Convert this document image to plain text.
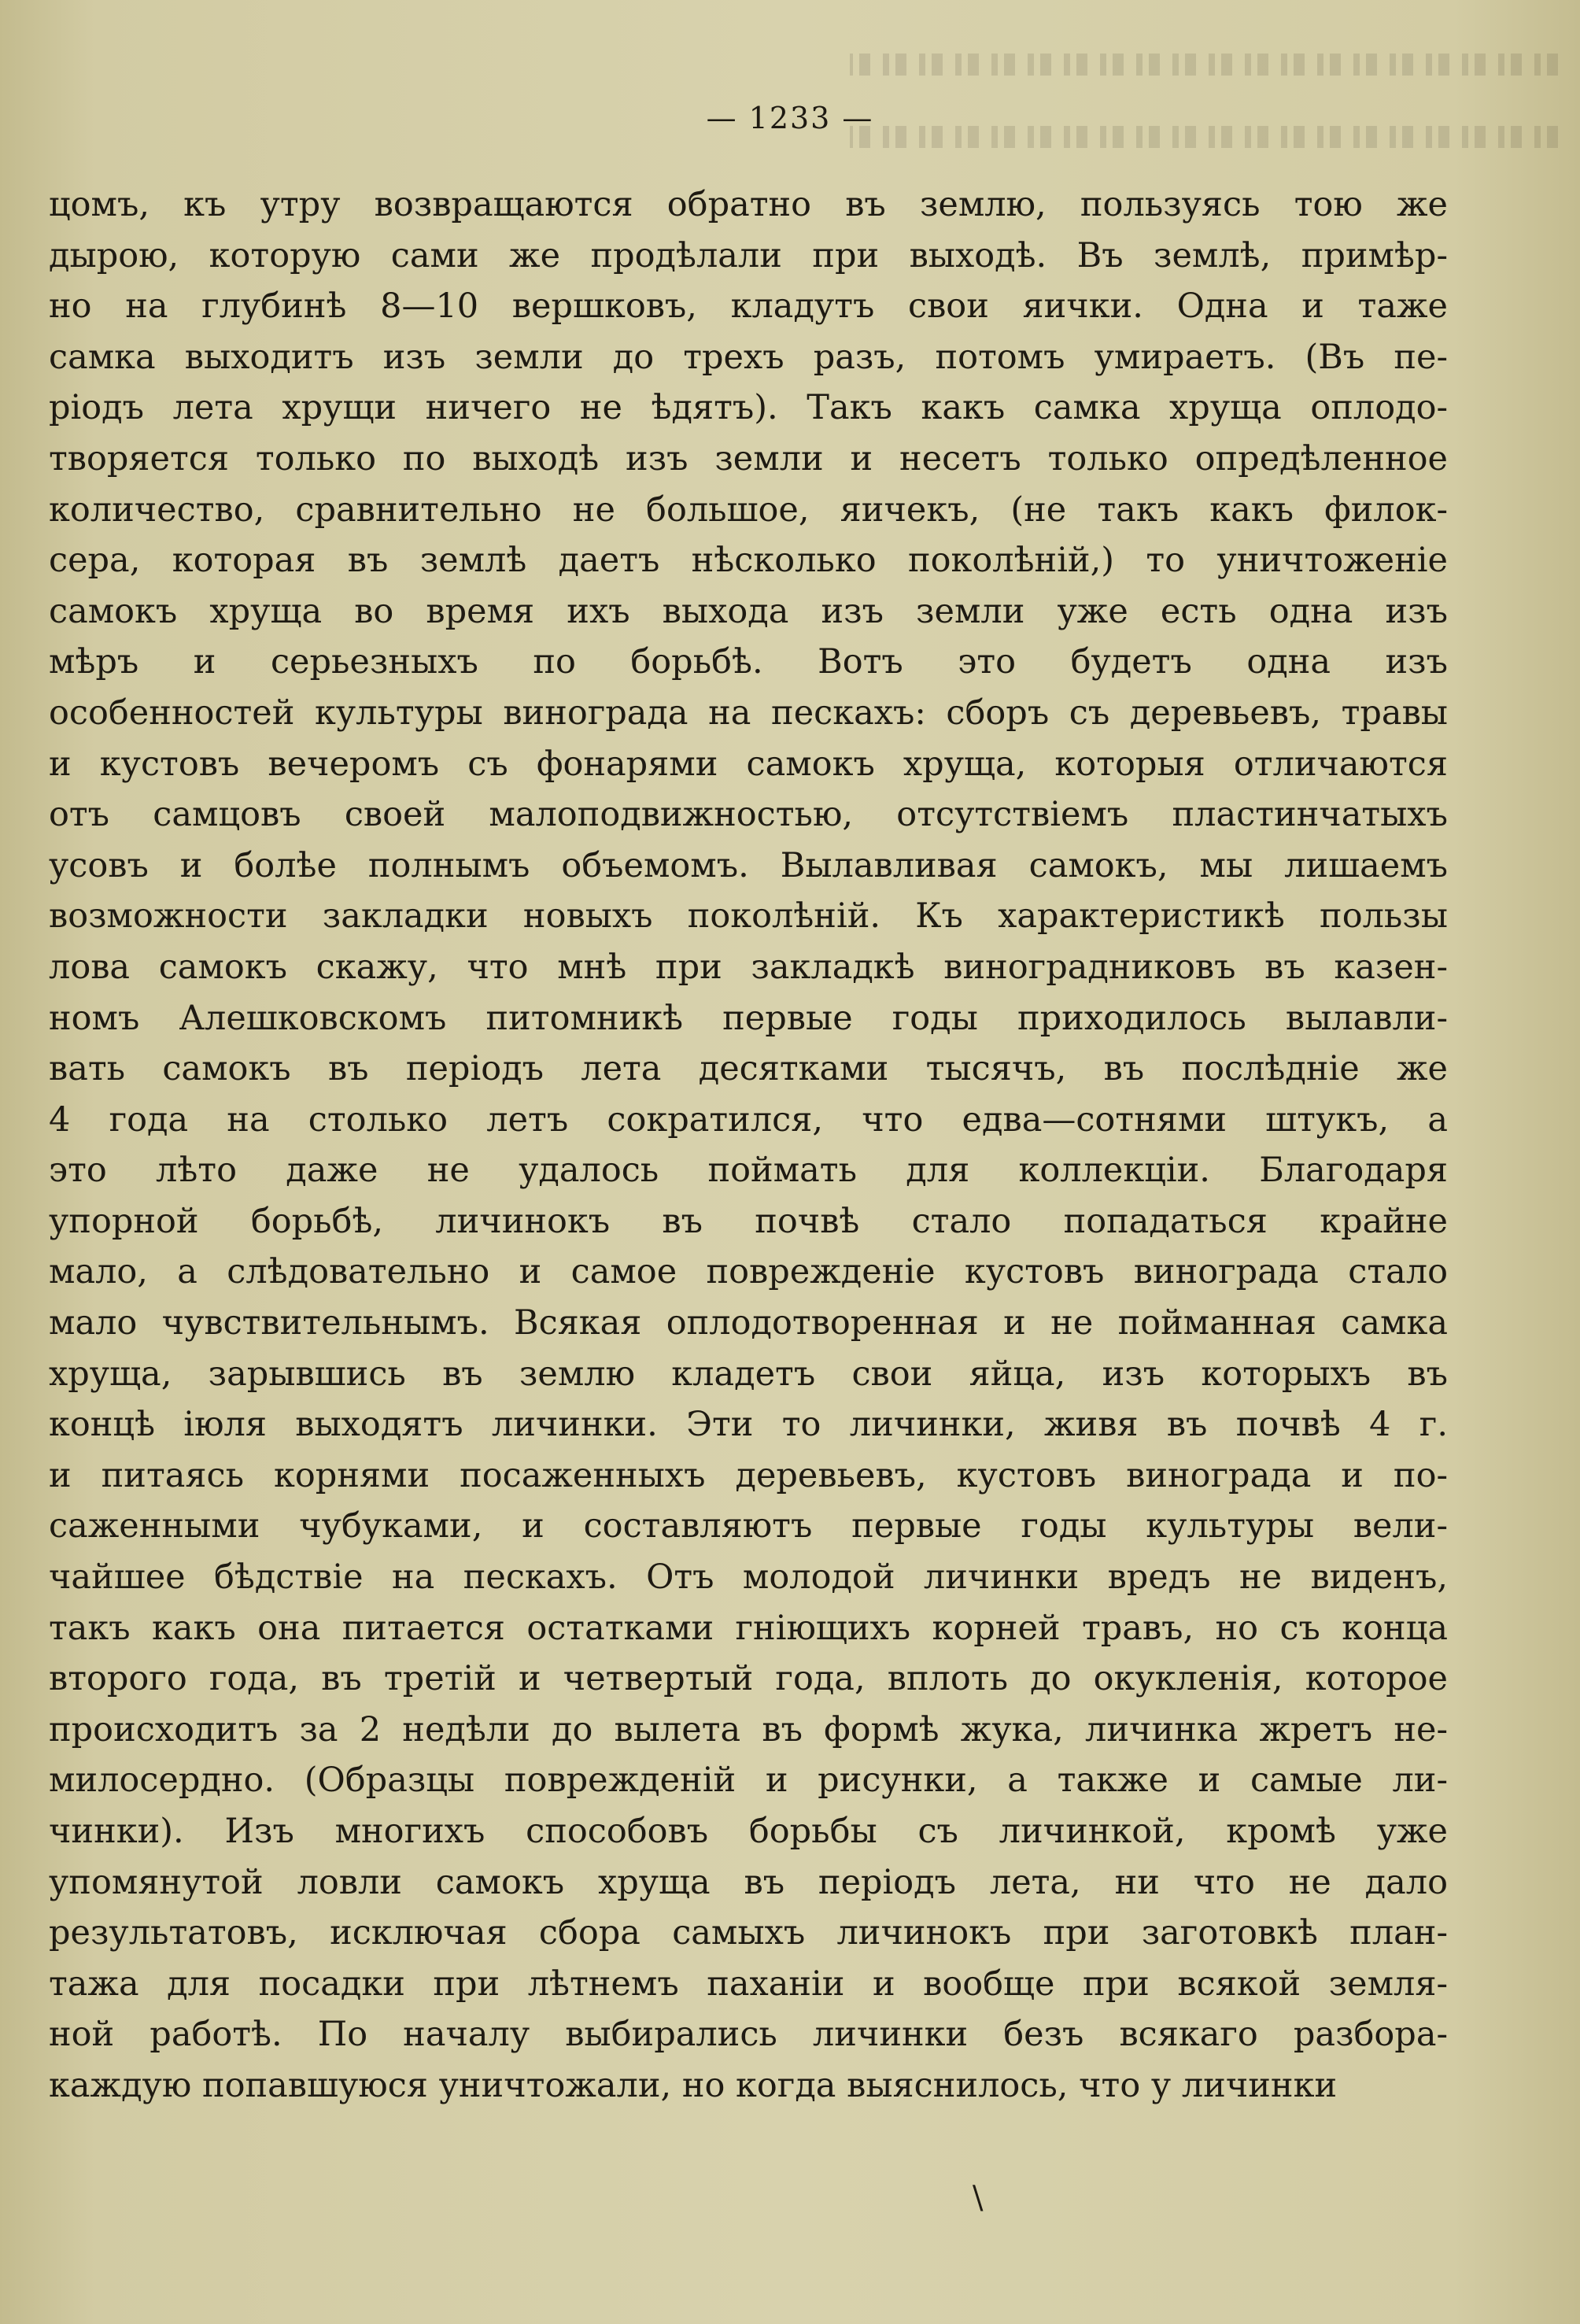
— 1233 —
цомъ, къ утру возвращаются обратно въ землю, пользуясь тою же
дырою, которую сами же продѣлали при выходѣ. Въ землѣ, примѣр-
но на глубинѣ 8—10 вершковъ, кладутъ свои яички. Одна и таже
самка выходитъ изъ земли до трехъ разъ, потомъ умираетъ. (Въ пе-
ріодъ лета хрущи ничего не ѣдятъ). Такъ какъ самка хруща оплодо-
творяется только по выходѣ изъ земли и несетъ только опредѣленное
количество, сравнительно не большое, яичекъ, (не такъ какъ филок-
сера, которая въ землѣ даетъ нѣсколько поколѣній,) то уничтоженіе
самокъ хруща во время ихъ выхода изъ земли уже есть одна изъ
мѣръ и серьезныхъ по борьбѣ. Вотъ это будетъ одна изъ
особенностей культуры винограда на пескахъ: сборъ съ деревьевъ, травы
и кустовъ вечеромъ съ фонарями самокъ хруща, которыя отличаются
отъ самцовъ своей малоподвижностью, отсутствіемъ пластинчатыхъ
усовъ и болѣе полнымъ объемомъ. Вылавливая самокъ, мы лишаемъ
возможности закладки новыхъ поколѣній. Къ характеристикѣ пользы
лова самокъ скажу, что мнѣ при закладкѣ виноградниковъ въ казен-
номъ Алешковскомъ питомникѣ первые годы приходилось вылавли-
вать самокъ въ періодъ лета десятками тысячъ, въ послѣдніе же
4 года на столько летъ сократился, что едва—сотнями штукъ, а
это лѣто даже не удалось поймать для коллекціи. Благодаря
упорной борьбѣ, личинокъ въ почвѣ стало попадаться крайне
мало, а слѣдовательно и самое поврежденіе кустовъ винограда стало
мало чувствительнымъ. Всякая оплодотворенная и не пойманная самка
хруща, зарывшись въ землю кладетъ свои яйца, изъ которыхъ въ
концѣ іюля выходятъ личинки. Эти то личинки, живя въ почвѣ 4 г.
и питаясь корнями посаженныхъ деревьевъ, кустовъ винограда и по-
саженными чубуками, и составляютъ первые годы культуры вели-
чайшее бѣдствіе на пескахъ. Отъ молодой личинки вредъ не виденъ,
такъ какъ она питается остатками гніющихъ корней травъ, но съ конца
второго года, въ третій и четвертый года, вплоть до окукленія, которое
происходитъ за 2 недѣли до вылета въ формѣ жука, личинка жретъ не-
милосердно. (Образцы поврежденій и рисунки, а также и самые ли-
чинки). Изъ многихъ способовъ борьбы съ личинкой, кромѣ уже
упомянутой ловли самокъ хруща въ періодъ лета, ни что не дало
результатовъ, исключая сбора самыхъ личинокъ при заготовкѣ план-
тажа для посадки при лѣтнемъ паханіи и вообще при всякой земля-
ной работѣ. По началу выбирались личинки безъ всякаго разбора-
каждую попавшуюся уничтожали, но когда выяснилось, что у личинки
\
